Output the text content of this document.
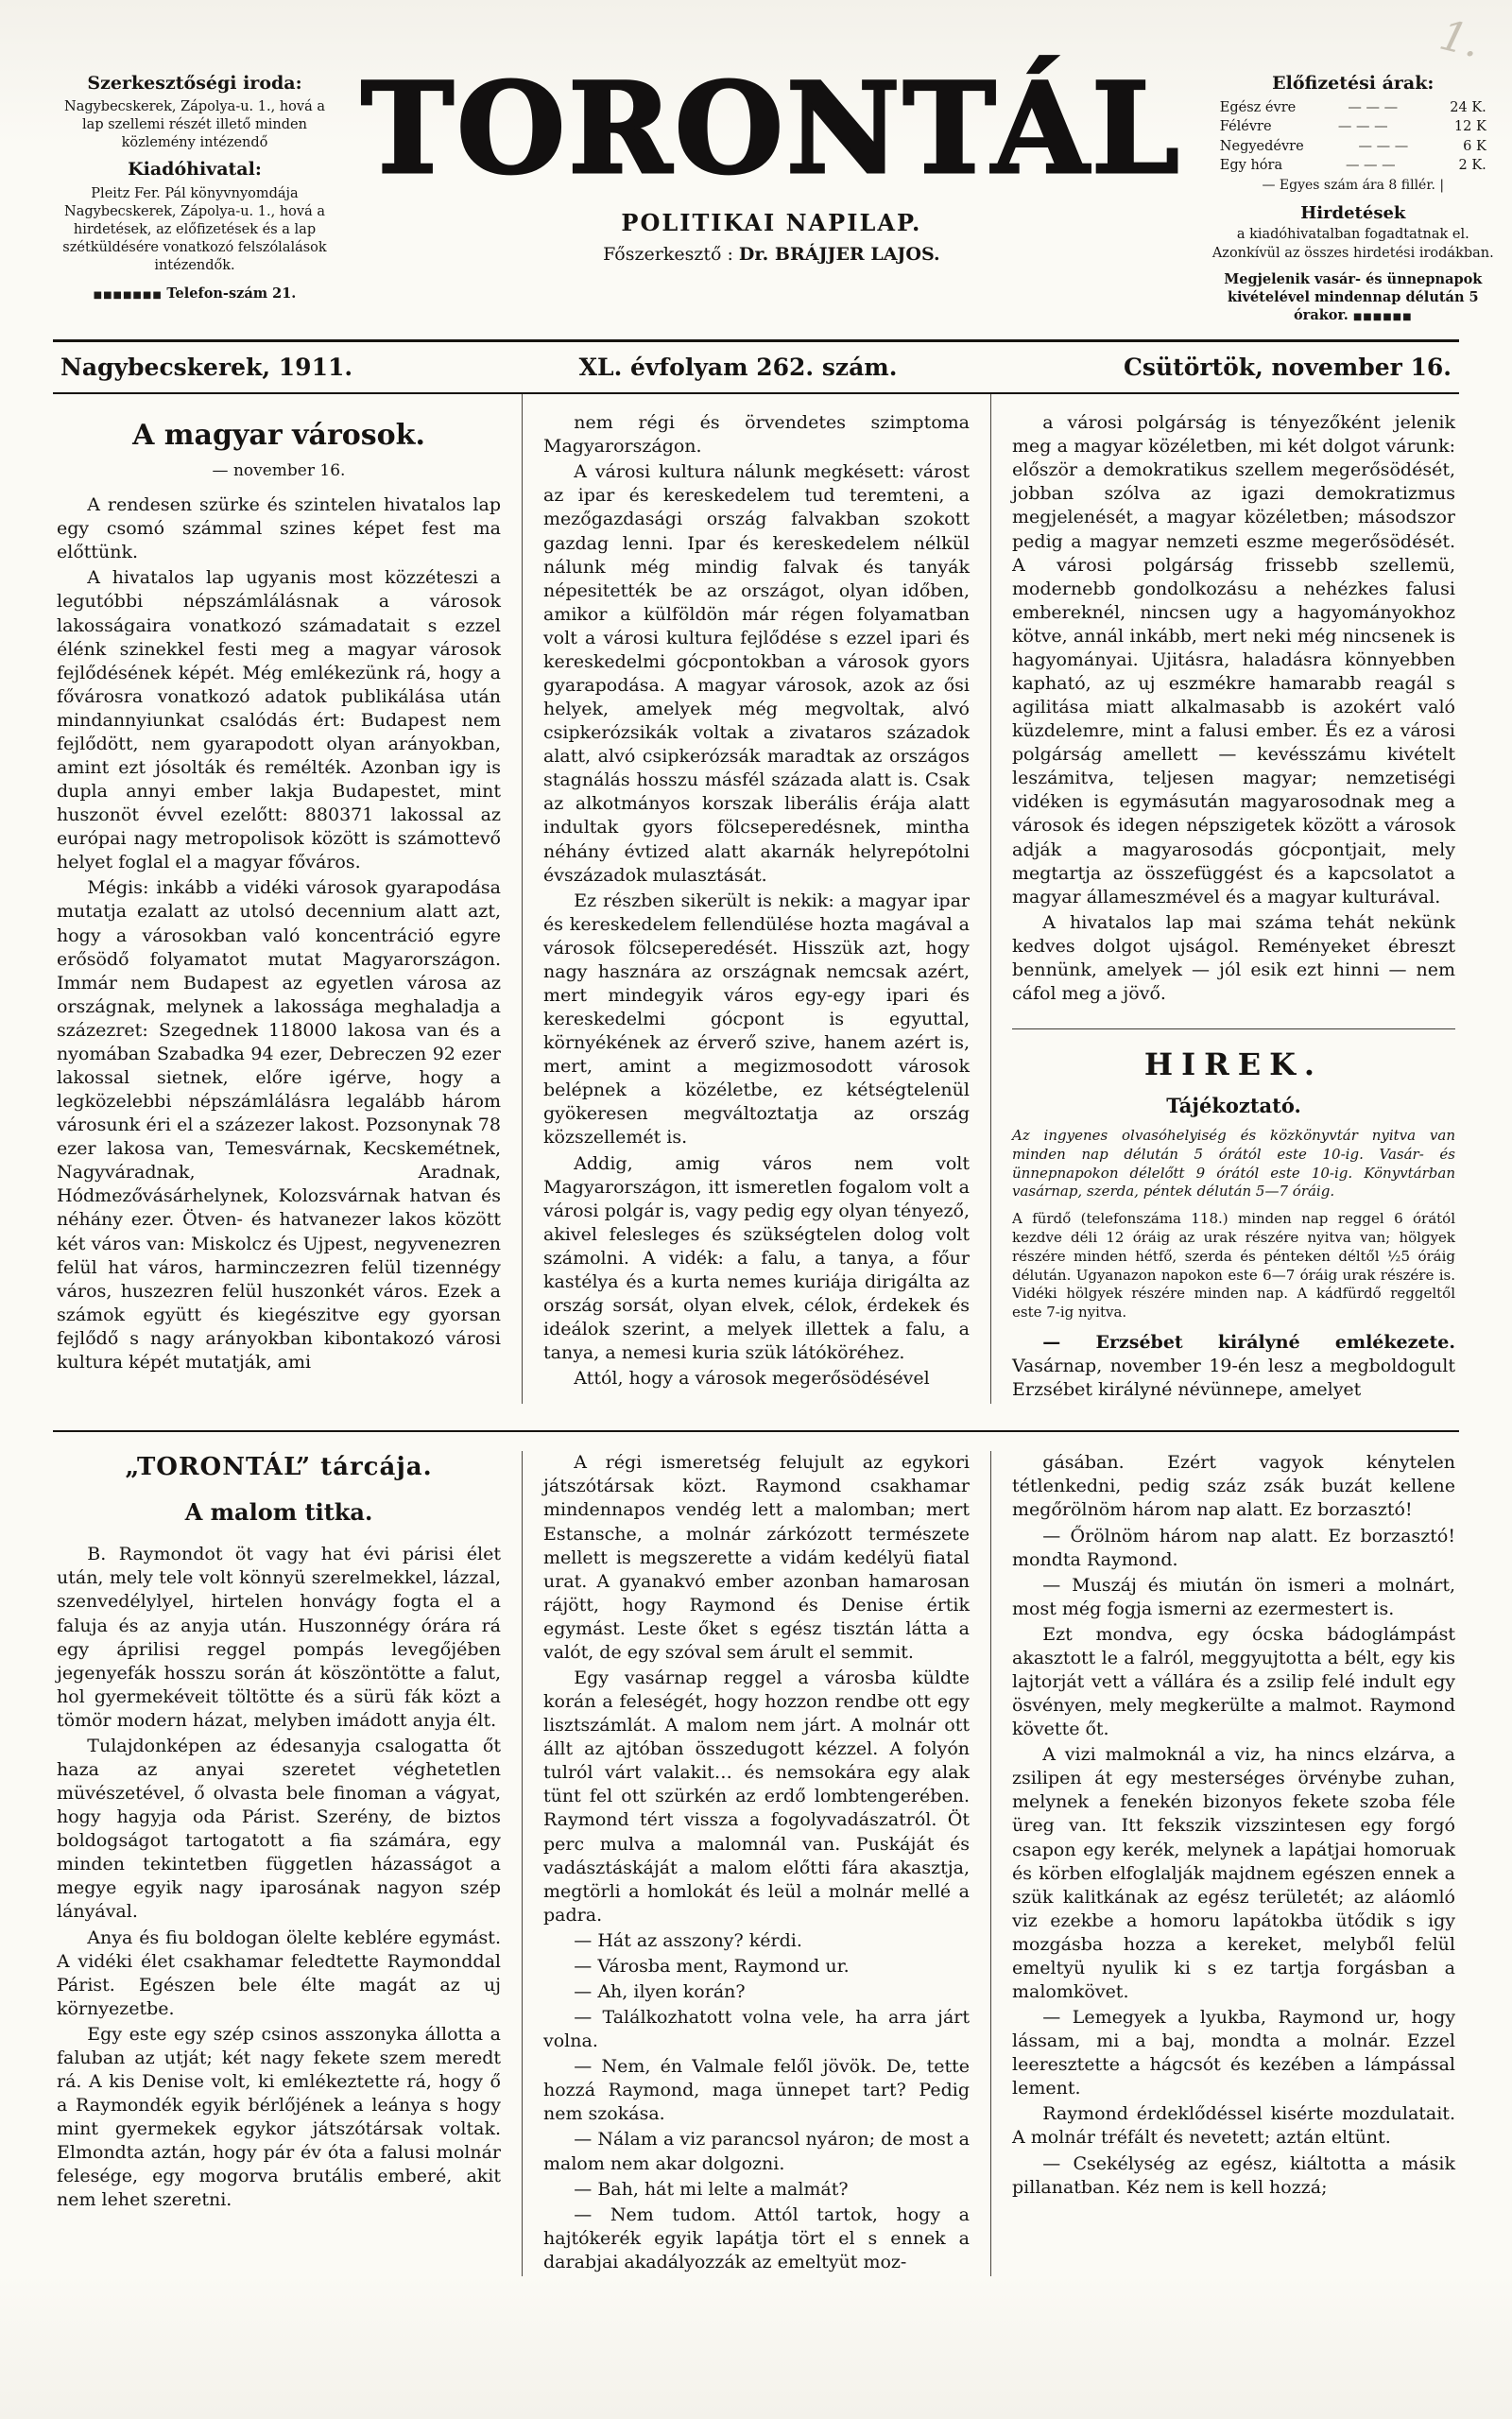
1.

Szerkesztőségi iroda:

Nagybecskerek, Zápolya-u. 1., hová a lap szellemi részét illető minden közlemény intézendő

Kiadóhivatal:

Pleitz Fer. Pál könyvnyomdája Nagybecskerek, Zápolya-u. 1., hová a hirdetések, az előfizetések és a lap szétküldésére vonatkozó felszólalások intézendők.

■■■■■■■ Telefon-szám 21.

TORONTÁL

POLITIKAI NAPILAP.

Főszerkesztő : Dr. BRÁJJER LAJOS.

Előfizetési árak:

Egész évre	— — —	24 K.
Félévre	— — —	12 K
Negyedévre	— — —	6 K
Egy hóra	— — —	2 K.

— Egyes szám ára 8 fillér. |

Hirdetések

a kiadóhivatalban fogadtatnak el. Azonkívül az összes hirdetési irodákban.

Megjelenik vasár- és ünnepnapok kivételével mindennap délután 5 órakor. ■■■■■■

Nagybecskerek, 1911.	XL. évfolyam 262. szám.	Csütörtök, november 16.
A magyar városok.

— november 16.

A rendesen szürke és szintelen hivatalos lap egy csomó számmal szines képet fest ma előttünk.

A hivatalos lap ugyanis most közzéteszi a legutóbbi népszámlálásnak a városok lakosságaira vonatkozó számadatait s ezzel élénk szinekkel festi meg a magyar városok fejlődésének képét. Még emlékezünk rá, hogy a fővárosra vonatkozó adatok publikálása után mindannyiunkat csalódás ért: Budapest nem fejlődött, nem gyarapodott olyan arányokban, amint ezt jósolták és remélték. Azonban igy is dupla annyi ember lakja Budapestet, mint huszonöt évvel ezelőtt: 880371 lakossal az európai nagy metropolisok között is számottevő helyet foglal el a magyar főváros.

Mégis: inkább a vidéki városok gyarapodása mutatja ezalatt az utolsó decennium alatt azt, hogy a városokban való koncentráció egyre erősödő folyamatot mutat Magyarországon. Immár nem Budapest az egyetlen városa az országnak, melynek a lakossága meghaladja a százezret: Szegednek 118000 lakosa van és a nyomában Szabadka 94 ezer, Debreczen 92 ezer lakossal sietnek, előre igérve, hogy a legközelebbi népszámlálásra legalább három városunk éri el a százezer lakost. Pozsonynak 78 ezer lakosa van, Temesvárnak, Kecskemétnek, Nagyváradnak, Aradnak, Hódmezővásárhelynek, Kolozsvárnak hatvan és néhány ezer. Ötven- és hatvanezer lakos között két város van: Miskolcz és Ujpest, negyvenezren felül hat város, harminczezren felül tizennégy város, huszezren felül huszonkét város. Ezek a számok együtt és kiegészitve egy gyorsan fejlődő s nagy arányokban kibontakozó városi kultura képét mutatják, ami

nem régi és örvendetes szimptoma Magyarországon.

A városi kultura nálunk megkésett: várost az ipar és kereskedelem tud teremteni, a mezőgazdasági ország falvakban szokott gazdag lenni. Ipar és kereskedelem nélkül nálunk még mindig falvak és tanyák népesitették be az országot, olyan időben, amikor a külföldön már régen folyamatban volt a városi kultura fejlődése s ezzel ipari és kereskedelmi gócpontokban a városok gyors gyarapodása. A magyar városok, azok az ősi helyek, amelyek még megvoltak, alvó csipkerózsikák voltak a zivataros századok alatt, alvó csipkerózsák maradtak az országos stagnálás hosszu másfél százada alatt is. Csak az alkotmányos korszak liberális érája alatt indultak gyors fölcseperedésnek, mintha néhány évtized alatt akarnák helyrepótolni évszázadok mulasztását.

Ez részben sikerült is nekik: a magyar ipar és kereskedelem fellendülése hozta magával a városok fölcseperedését. Hisszük azt, hogy nagy hasznára az országnak nemcsak azért, mert mindegyik város egy-egy ipari és kereskedelmi gócpont is egyuttal, környékének az érverő szive, hanem azért is, mert, amint a megizmosodott városok belépnek a közéletbe, ez kétségtelenül gyökeresen megváltoztatja az ország közszellemét is.

Addig, amig város nem volt Magyarországon, itt ismeretlen fogalom volt a városi polgár is, vagy pedig egy olyan tényező, akivel felesleges és szükségtelen dolog volt számolni. A vidék: a falu, a tanya, a főur kastélya és a kurta nemes kuriája dirigálta az ország sorsát, olyan elvek, célok, érdekek és ideálok szerint, a melyek illettek a falu, a tanya, a nemesi kuria szük látóköréhez.

Attól, hogy a városok megerősödésével

a városi polgárság is tényezőként jelenik meg a magyar közéletben, mi két dolgot várunk: először a demokratikus szellem megerősödését, jobban szólva az igazi demokratizmus megjelenését, a magyar közéletben; másodszor pedig a magyar nemzeti eszme megerősödését. A városi polgárság frissebb szellemü, modernebb gondolkozásu a nehézkes falusi embereknél, nincsen ugy a hagyományokhoz kötve, annál inkább, mert neki még nincsenek is hagyományai. Ujitásra, haladásra könnyebben kapható, az uj eszmékre hamarabb reagál s agilitása miatt alkalmasabb is azokért való küzdelemre, mint a falusi ember. És ez a városi polgárság amellett — kevésszámu kivételt leszámitva, teljesen magyar; nemzetiségi vidéken is egymásután magyarosodnak meg a városok és idegen népszigetek között a városok adják a magyarosodás gócpontjait, mely megtartja az összefüggést és a kapcsolatot a magyar állameszmével és a magyar kulturával.

A hivatalos lap mai száma tehát nekünk kedves dolgot ujságol. Reményeket ébreszt bennünk, amelyek — jól esik ezt hinni — nem cáfol meg a jövő.

HIREK.
Tájékoztató.

Az ingyenes olvasóhelyiség és közkönyvtár nyitva van minden nap délután 5 órától este 10-ig. Vasár- és ünnepnapokon délelőtt 9 órától este 10-ig. Könyvtárban vasárnap, szerda, péntek délután 5—7 óráig.

A fürdő (telefonszáma 118.) minden nap reggel 6 órától kezdve déli 12 óráig az urak részére nyitva van; hölgyek részére minden hétfő, szerda és pénteken déltől ½5 óráig délután. Ugyanazon napokon este 6—7 óráig urak részére is. Vidéki hölgyek részére minden nap. A kádfürdő reggeltől este 7-ig nyitva.

— Erzsébet királyné emlékezete. Vasárnap, november 19-én lesz a megboldogult Erzsébet királyné névünnepe, amelyet

„TORONTÁL” tárcája.
A malom titka.

B. Raymondot öt vagy hat évi párisi élet után, mely tele volt könnyü szerelmekkel, lázzal, szenvedélylyel, hirtelen honvágy fogta el a faluja és az anyja után. Huszonnégy órára rá egy áprilisi reggel pompás levegőjében jegenyefák hosszu során át köszöntötte a falut, hol gyermekéveit töltötte és a sürü fák közt a tömör modern házat, melyben imádott anyja élt.

Tulajdonképen az édesanyja csalogatta őt haza az anyai szeretet véghetetlen müvészetével, ő olvasta bele finoman a vágyat, hogy hagyja oda Párist. Szerény, de biztos boldogságot tartogatott a fia számára, egy minden tekintetben független házasságot a megye egyik nagy iparosának nagyon szép lányával.

Anya és fiu boldogan ölelte keblére egymást. A vidéki élet csakhamar feledtette Raymonddal Párist. Egészen bele élte magát az uj környezetbe.

Egy este egy szép csinos asszonyka állotta a faluban az utját; két nagy fekete szem meredt rá. A kis Denise volt, ki emlékeztette rá, hogy ő a Raymondék egyik bérlőjének a leánya s hogy mint gyermekek egykor játszótársak voltak. Elmondta aztán, hogy pár év óta a falusi molnár felesége, egy mogorva brutális emberé, akit nem lehet szeretni.

A régi ismeretség felujult az egykori játszótársak közt. Raymond csakhamar mindennapos vendég lett a malomban; mert Estansche, a molnár zárkózott természete mellett is megszerette a vidám kedélyü fiatal urat. A gyanakvó ember azonban hamarosan rájött, hogy Raymond és Denise értik egymást. Leste őket s egész tisztán látta a valót, de egy szóval sem árult el semmit.

Egy vasárnap reggel a városba küldte korán a feleségét, hogy hozzon rendbe ott egy lisztszámlát. A malom nem járt. A molnár ott állt az ajtóban összedugott kézzel. A folyón tulról várt valakit… és nemsokára egy alak tünt fel ott szürkén az erdő lombtengerében. Raymond tért vissza a fogolyvadászatról. Öt perc mulva a malomnál van. Puskáját és vadásztáskáját a malom előtti fára akasztja, megtörli a homlokát és leül a molnár mellé a padra.

— Hát az asszony? kérdi.

— Városba ment, Raymond ur.

— Ah, ilyen korán?

— Találkozhatott volna vele, ha arra járt volna.

— Nem, én Valmale felől jövök. De, tette hozzá Raymond, maga ünnepet tart? Pedig nem szokása.

— Nálam a viz parancsol nyáron; de most a malom nem akar dolgozni.

— Bah, hát mi lelte a malmát?

— Nem tudom. Attól tartok, hogy a hajtókerék egyik lapátja tört el s ennek a darabjai akadályozzák az emeltyüt moz-

gásában. Ezért vagyok kénytelen tétlenkedni, pedig száz zsák buzát kellene megőrölnöm három nap alatt. Ez borzasztó!

— Őrölnöm három nap alatt. Ez borzasztó! mondta Raymond.

— Muszáj és miután ön ismeri a molnárt, most még fogja ismerni az ezermestert is.

Ezt mondva, egy ócska bádoglámpást akasztott le a falról, meggyujtotta a bélt, egy kis lajtorját vett a vállára és a zsilip felé indult egy ösvényen, mely megkerülte a malmot. Raymond követte őt.

A vizi malmoknál a viz, ha nincs elzárva, a zsilipen át egy mesterséges örvénybe zuhan, melynek a fenekén bizonyos fekete szoba féle üreg van. Itt fekszik vizszintesen egy forgó csapon egy kerék, melynek a lapátjai homoruak és körben elfoglalják majdnem egészen ennek a szük kalitkának az egész területét; az aláomló viz ezekbe a homoru lapátokba ütődik s igy mozgásba hozza a kereket, melyből felül emeltyü nyulik ki s ez tartja forgásban a malomkövet.

— Lemegyek a lyukba, Raymond ur, hogy lássam, mi a baj, mondta a molnár. Ezzel leeresztette a hágcsót és kezében a lámpással lement.

Raymond érdeklődéssel kisérte mozdulatait. A molnár tréfált és nevetett; aztán eltünt.

— Csekélység az egész, kiáltotta a másik pillanatban. Kéz nem is kell hozzá;
